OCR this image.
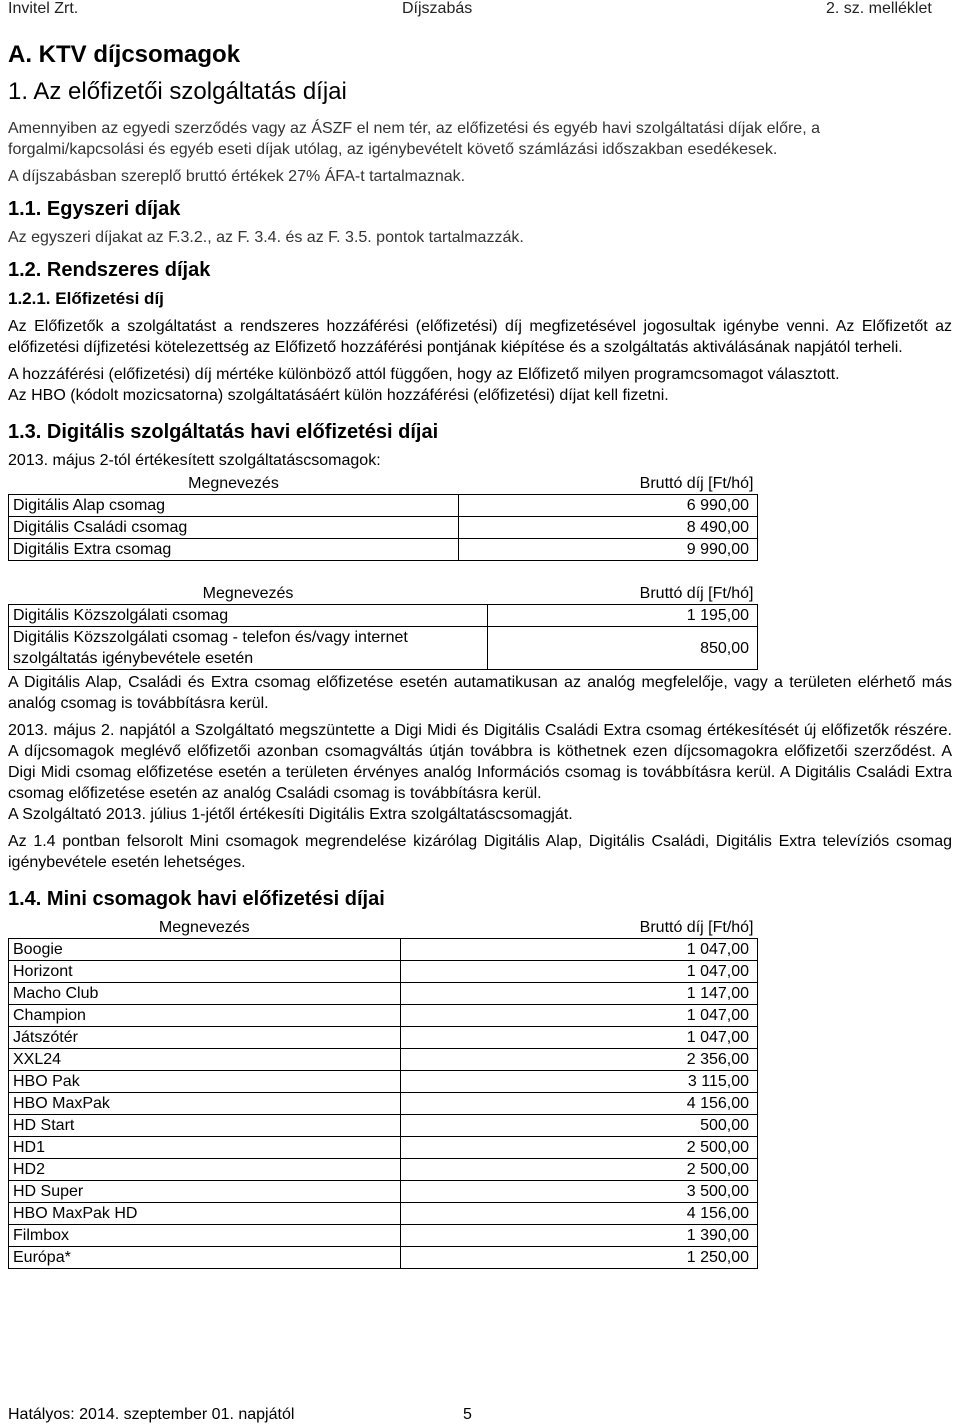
Invitel Zrt.	Díjszabás	2. sz. melléklet
A. KTV díjcsomagok
1. Az előfizetői szolgáltatás díjai

Amennyiben az egyedi szerződés vagy az ÁSZF el nem tér, az előfizetési és egyéb havi szolgáltatási díjak előre, a forgalmi/kapcsolási és egyéb eseti díjak utólag, az igénybevételt követő számlázási időszakban esedékesek.

A díjszabásban szereplő bruttó értékek 27% ÁFA-t tartalmaznak.

1.1. Egyszeri díjak

Az egyszeri díjakat az F.3.2., az F. 3.4. és az F. 3.5. pontok tartalmazzák.

1.2. Rendszeres díjak
1.2.1. Előfizetési díj

Az Előfizetők a szolgáltatást a rendszeres hozzáférési (előfizetési) díj megfizetésével jogosultak igénybe venni. Az Előfizetőt az előfizetési díjfizetési kötelezettség az Előfizető hozzáférési pontjának kiépítése és a szolgáltatás aktiválásának napjától terheli.

A hozzáférési (előfizetési) díj mértéke különböző attól függően, hogy az Előfizető milyen programcsomagot választott.

Az HBO (kódolt mozicsatorna) szolgáltatásáért külön hozzáférési (előfizetési) díjat kell fizetni.

1.3. Digitális szolgáltatás havi előfizetési díjai

2013. május 2-tól értékesített szolgáltatáscsomagok:

Megnevezés	Bruttó díj [Ft/hó]
Digitális Alap csomag	6 990,00
Digitális Családi csomag	8 490,00
Digitális Extra csomag	9 990,00
Megnevezés	Bruttó díj [Ft/hó]
Digitális Közszolgálati csomag	1 195,00
Digitális Közszolgálati csomag - telefon és/vagy internet szolgáltatás igénybevétele esetén	850,00

A Digitális Alap, Családi és Extra csomag előfizetése esetén autamatikusan az analóg megfelelője, vagy a területen elérhető más analóg csomag is továbbításra kerül.

2013. május 2. napjától a Szolgáltató megszüntette a Digi Midi és Digitális Családi Extra csomag értékesítését új előfizetők részére. A díjcsomagok meglévő előfizetői azonban csomagváltás útján továbbra is köthetnek ezen díjcsomagokra előfizetői szerződést. A Digi Midi csomag előfizetése esetén a területen érvényes analóg Információs csomag is továbbításra kerül. A Digitális Családi Extra csomag előfizetése esetén az analóg Családi csomag is továbbításra kerül.

A Szolgáltató 2013. július 1-jétől értékesíti Digitális Extra szolgáltatáscsomagját.

Az 1.4 pontban felsorolt Mini csomagok megrendelése kizárólag Digitális Alap, Digitális Családi, Digitális Extra televíziós csomag igénybevétele esetén lehetséges.

1.4. Mini csomagok havi előfizetési díjai
Megnevezés	Bruttó díj [Ft/hó]
Boogie	1 047,00
Horizont	1 047,00
Macho Club	1 147,00
Champion	1 047,00
Játszótér	1 047,00
XXL24	2 356,00
HBO Pak	3 115,00
HBO MaxPak	4 156,00
HD Start	500,00
HD1	2 500,00
HD2	2 500,00
HD Super	3 500,00
HBO MaxPak HD	4 156,00
Filmbox	1 390,00
Európa*	1 250,00
Hatályos: 2014. szeptember 01. napjától	5
